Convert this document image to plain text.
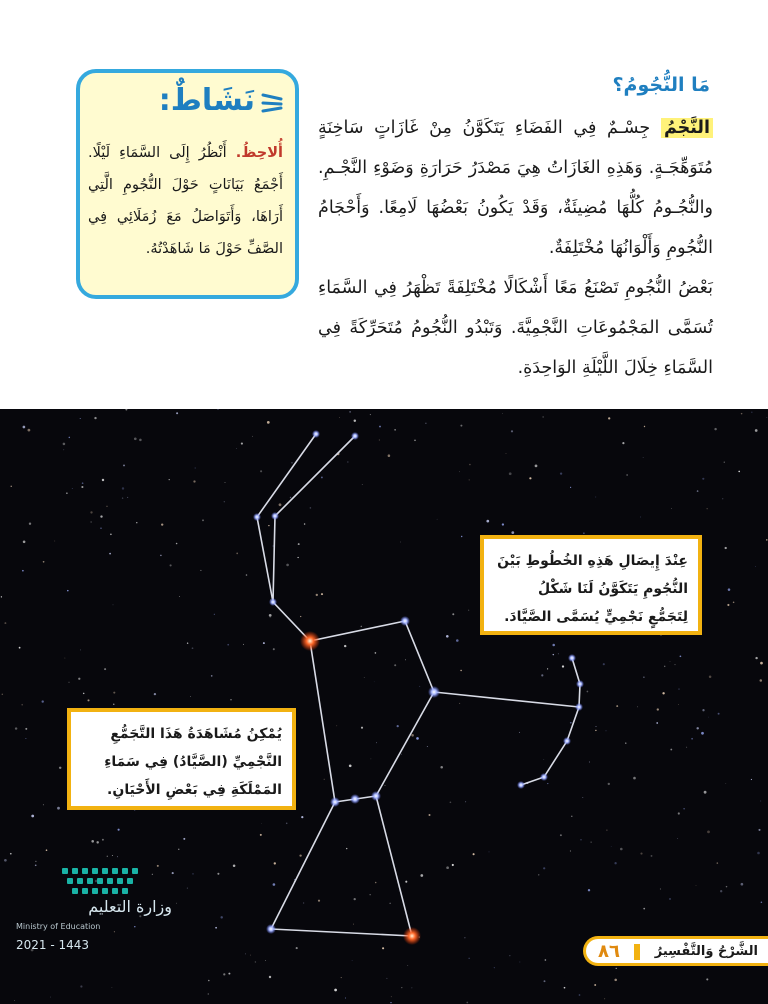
مَا النُّجُومُ؟

النَّجْمُ جِسْـمٌ فِي الفَضَاءِ يَتَكَوَّنُ مِنْ غَازَاتٍ سَاخِنَةٍ مُتَوَهِّجَـةٍ. وَهَذِهِ الغَازَاتُ هِيَ مَصْدَرُ حَرَارَةِ وَضَوْءِ النَّجْـمِ. والنُّجُـومُ كُلُّهَا مُضِيئَةٌ، وَقَدْ يَكُونُ بَعْضُهَا لَامِعًا. وَأَحْجَامُ النُّجُومِ وَأَلْوَانُهَا مُخْتَلِفَةٌ.

بَعْضُ النُّجُومِ تَصْنَعُ مَعًا أَشْكَالًا مُخْتَلِفَةً تَظْهَرُ فِي السَّمَاءِ تُسَمَّى المَجْمُوعَاتِ النَّجْمِيَّةَ. وَتَبْدُو النُّجُومُ مُتَحَرِّكَةً فِي السَّمَاءِ خِلَالَ اللَّيْلَةِ الوَاحِدَةِ.

نَشَاطٌ:
أُلاحِظُ. أَنْظُرُ إِلَى السَّمَاءِ لَيْلًا. أَجْمَعُ بَيَانَاتٍ حَوْلَ النُّجُومِ الَّتِي أَرَاهَا، وَأَتَوَاصَلُ مَعَ زُمَلَائِي فِي الصَّفِّ حَوْلَ مَا شَاهَدْتُهُ.
عِنْدَ إِيصَالِ هَذِهِ الخُطُوطِ بَيْنَ النُّجُومِ يَتَكَوَّنُ لَنَا شَكْلُ لِتَجَمُّعٍ نَجْمِيٍّ يُسَمَّى الصَّيَّادَ.
يُمْكِنُ مُشَاهَدَةُ هَذَا التَّجَمُّعِ النَّجْمِيِّ (الصَّيَّادُ) فِي سَمَاءِ المَمْلَكَةِ فِي بَعْضِ الأَحْيَانِ.
وزارة التعليم
Ministry of Education
2021 - 1443	٨٦	الشَّرْحُ وَالتَّفْسِيرُ
